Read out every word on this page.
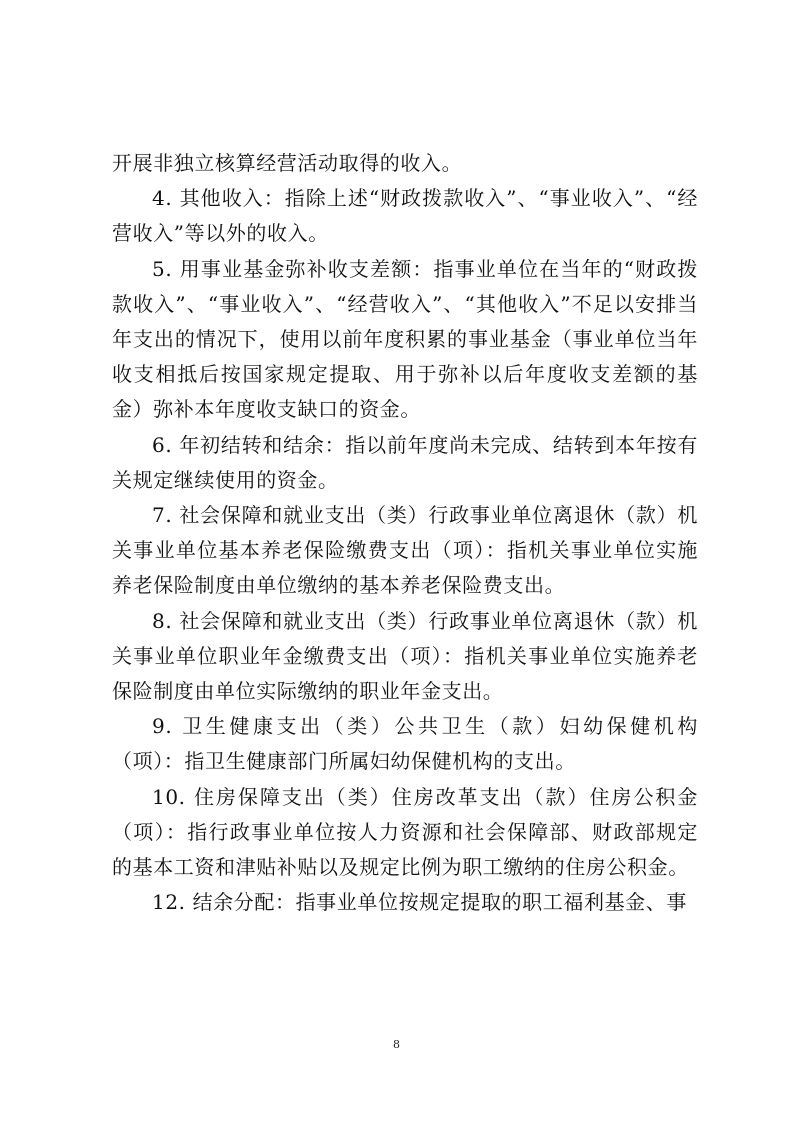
开展非独立核算经营活动取得的收入。

4. 其他收入：指除上述“财政拨款收入”、“事业收入”、“经营收入”等以外的收入。

5. 用事业基金弥补收支差额：指事业单位在当年的“财政拨款收入”、“事业收入”、“经营收入”、“其他收入”不足以安排当年支出的情况下，使用以前年度积累的事业基金（事业单位当年收支相抵后按国家规定提取、用于弥补以后年度收支差额的基金）弥补本年度收支缺口的资金。

6. 年初结转和结余：指以前年度尚未完成、结转到本年按有关规定继续使用的资金。

7. 社会保障和就业支出（类）行政事业单位离退休（款）机关事业单位基本养老保险缴费支出（项）：指机关事业单位实施养老保险制度由单位缴纳的基本养老保险费支出。

8. 社会保障和就业支出（类）行政事业单位离退休（款）机关事业单位职业年金缴费支出（项）：指机关事业单位实施养老保险制度由单位实际缴纳的职业年金支出。

9. 卫生健康支出（类）公共卫生（款）妇幼保健机构（项）：指卫生健康部门所属妇幼保健机构的支出。

10. 住房保障支出（类）住房改革支出（款）住房公积金（项）：指行政事业单位按人力资源和社会保障部、财政部规定的基本工资和津贴补贴以及规定比例为职工缴纳的住房公积金。

12. 结余分配：指事业单位按规定提取的职工福利基金、事

8
